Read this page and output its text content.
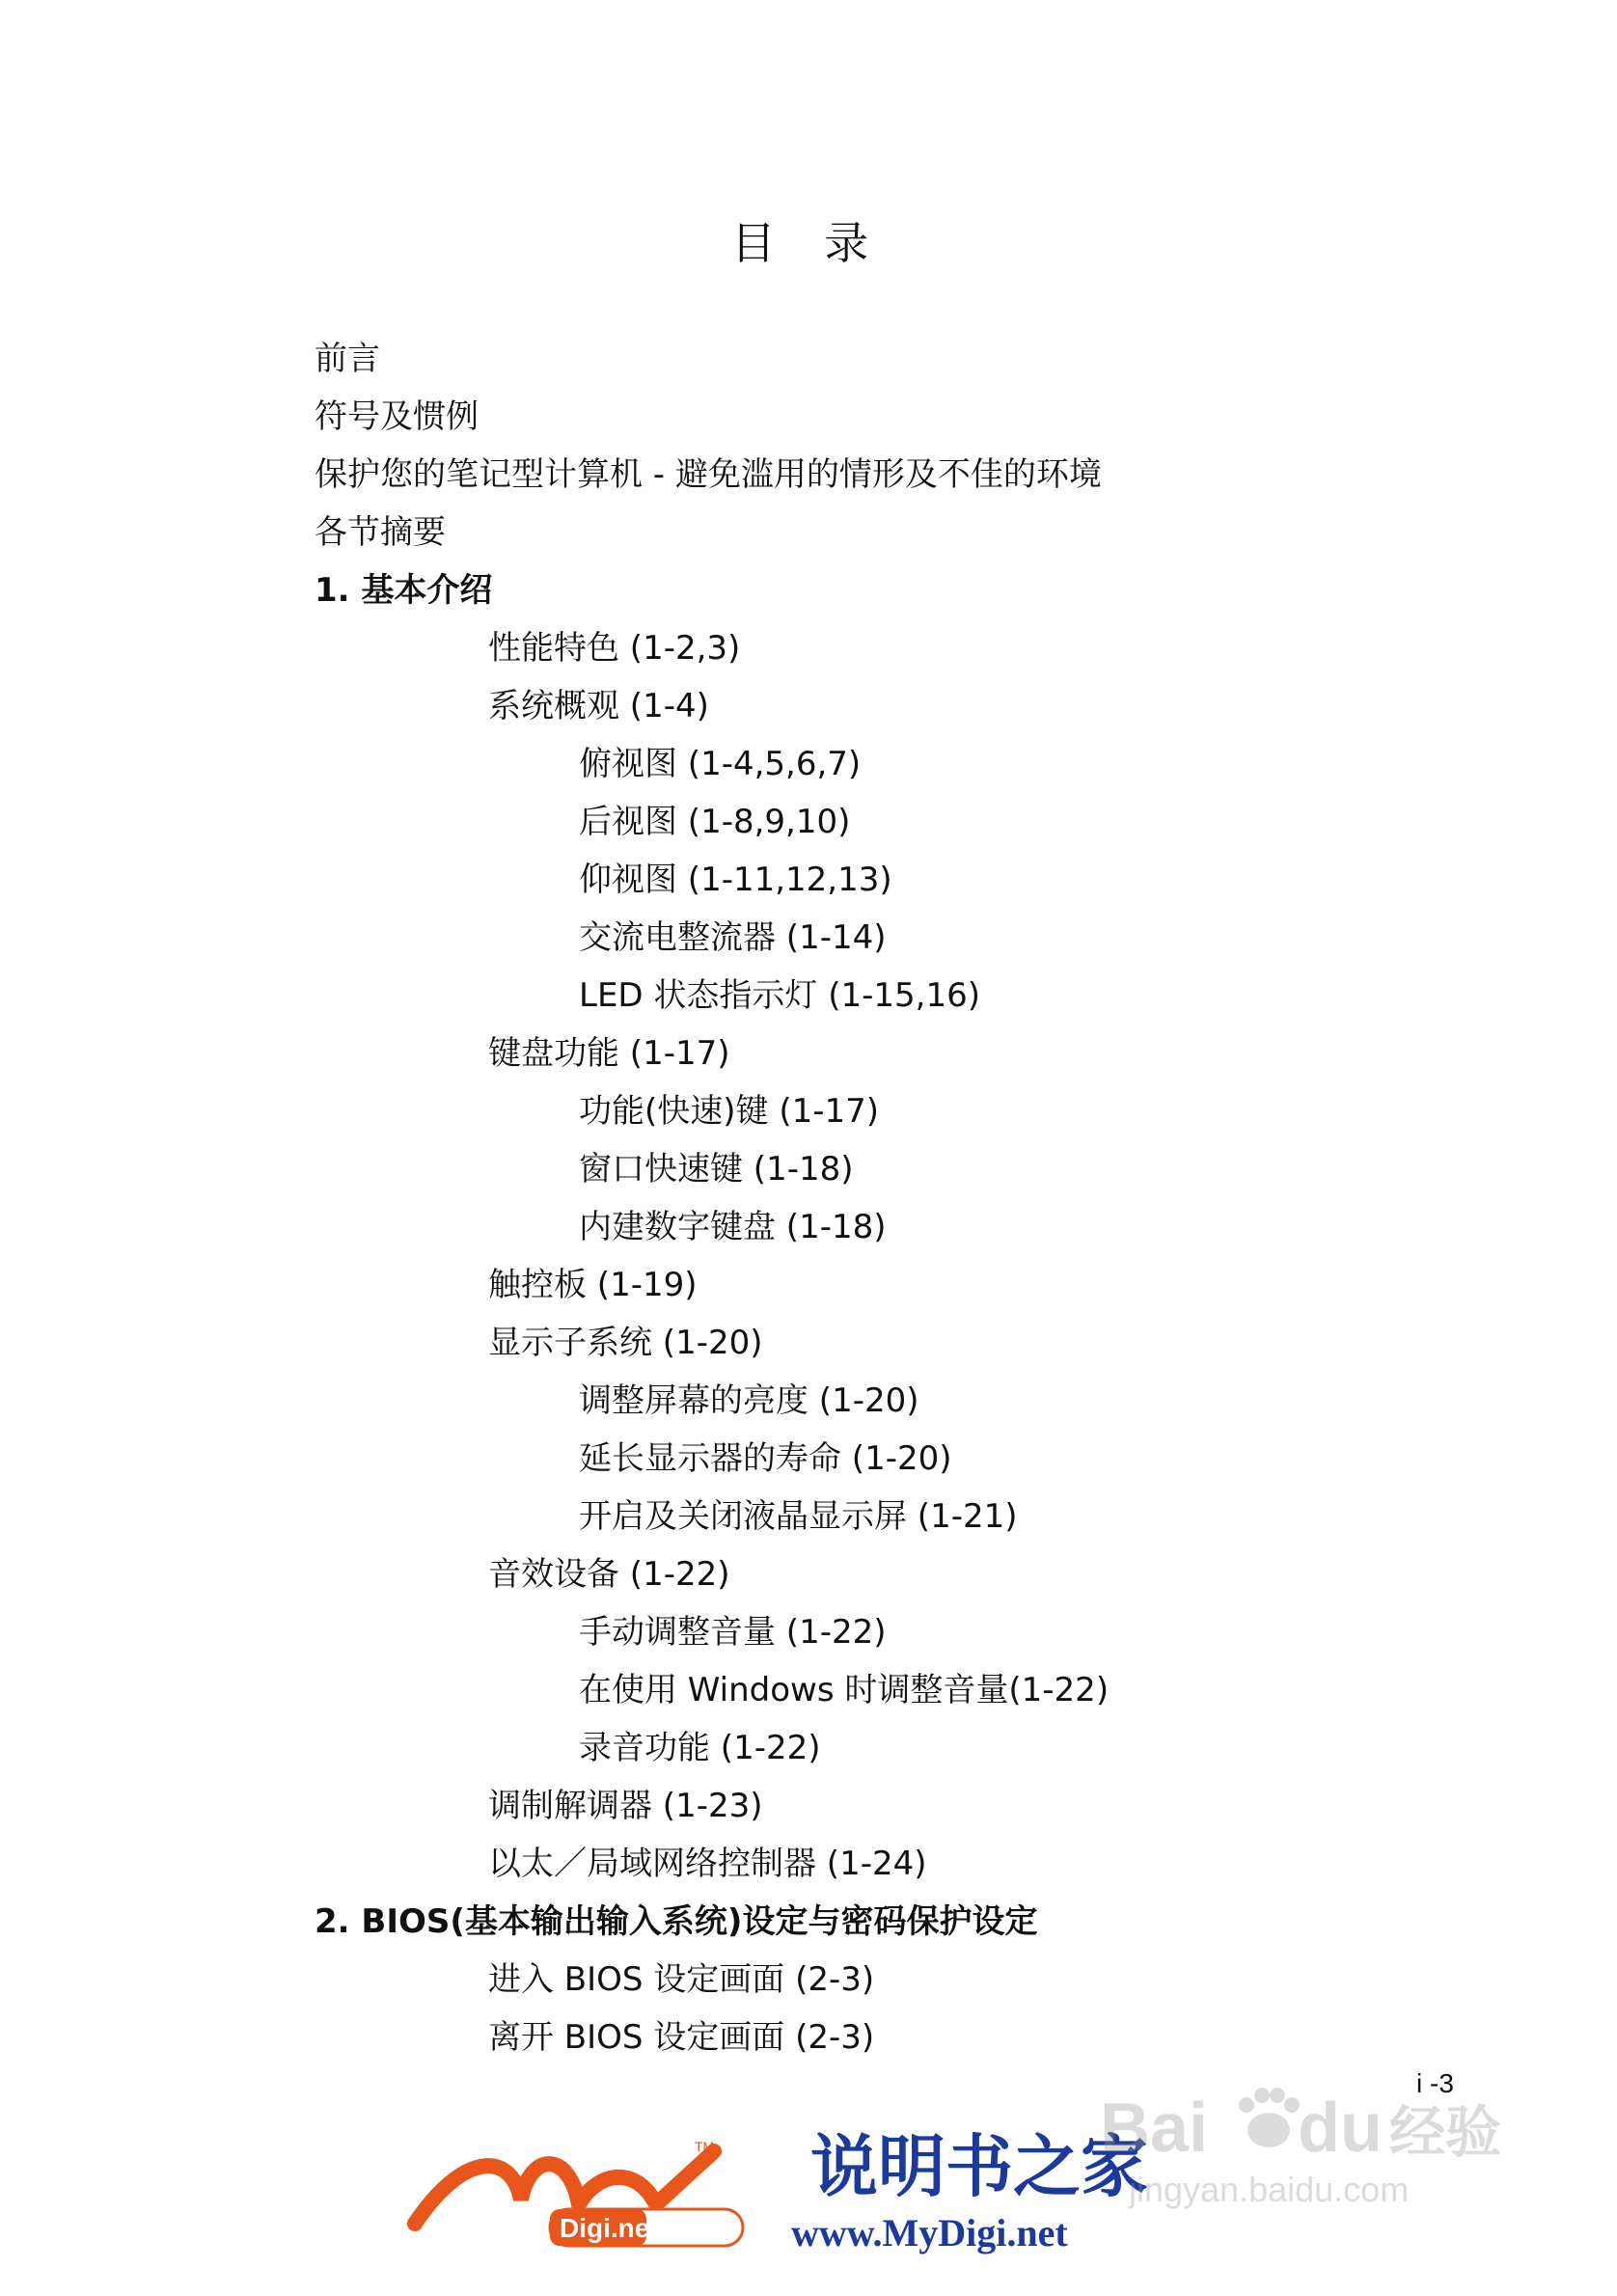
目 录
前言
符号及惯例
保护您的笔记型计算机 - 避免滥用的情形及不佳的环境
各节摘要
1. 基本介绍
性能特色 (1-2,3)
系统概观 (1-4)
俯视图 (1-4,5,6,7)
后视图 (1-8,9,10)
仰视图 (1-11,12,13)
交流电整流器 (1-14)
LED 状态指示灯 (1-15,16)
键盘功能 (1-17)
功能(快速)键 (1-17)
窗口快速键 (1-18)
内建数字键盘 (1-18)
触控板 (1-19)
显示子系统 (1-20)
调整屏幕的亮度 (1-20)
延长显示器的寿命 (1-20)
开启及关闭液晶显示屏 (1-21)
音效设备 (1-22)
手动调整音量 (1-22)
在使用 Windows 时调整音量(1-22)
录音功能 (1-22)
调制解调器 (1-23)
以太／局域网络控制器 (1-24)
2. BIOS(基本输出输入系统)设定与密码保护设定
进入 BIOS 设定画面 (2-3)
离开 BIOS 设定画面 (2-3)
i -3
TM
Digi.net
说明书之家
www.MyDigi.net
Bai du 经验
jingyan.baidu.com
